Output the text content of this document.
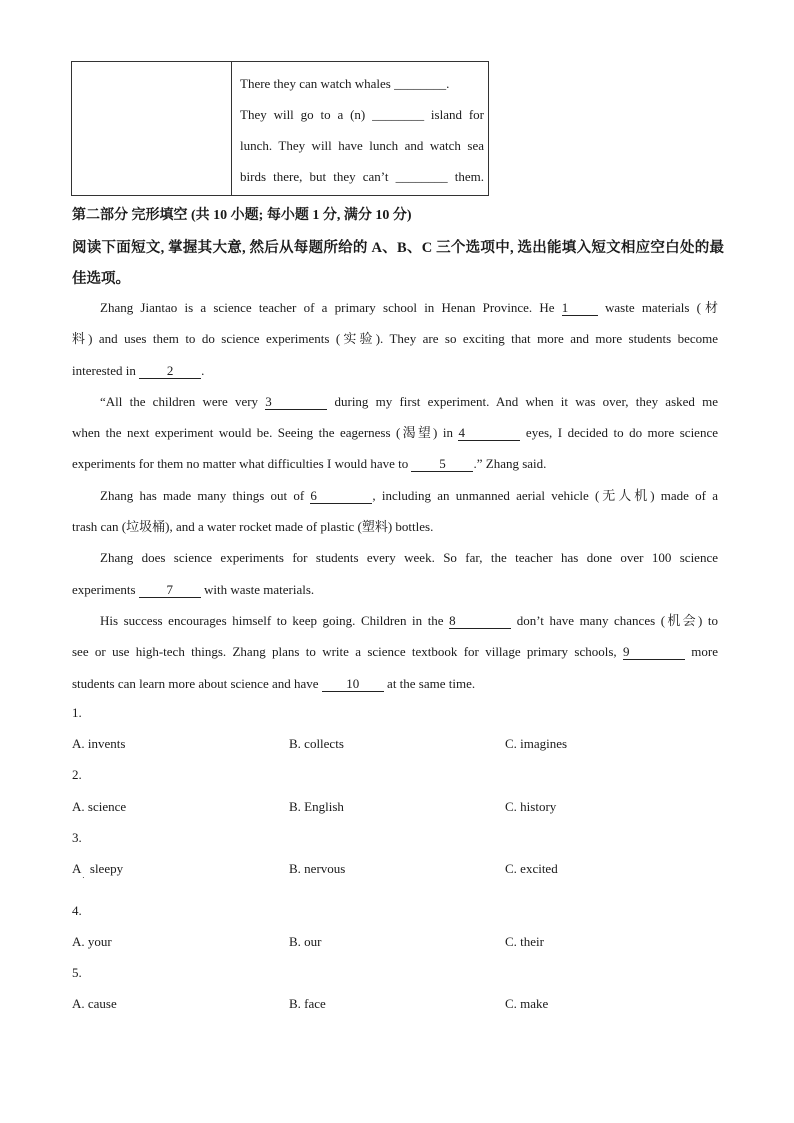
There they can watch whales ________.
They will go to a (n) ________ island for
lunch. They will have lunch and watch sea
birds there, but they can’t ________ them.
第二部分 完形填空 (共 10 小题; 每小题 1 分, 满分 10 分)
阅读下面短文, 掌握其大意, 然后从每题所给的 A、B、C 三个选项中, 选出能填入短文相应空白处的最佳选项。
Zhang Jiantao is a science teacher of a primary school in Henan Province. He 1 waste materials (材
料) and uses them to do science experiments (实验). They are so exciting that more and more students become
interested in 2 .
“All the children were very 3	during my first experiment. And when it was over, they asked me
when the next experiment would be. Seeing the eagerness (渴望) in 4	eyes, I decided to do more science
experiments for them no matter what difficulties I would have to 5 .” Zhang said.
Zhang has made many things out of 6	, including an unmanned aerial vehicle (无人机) made of a
trash can (垃圾桶), and a water rocket made of plastic (塑料) bottles.
Zhang does science experiments for students every week. So far, the teacher has done over 100 science
experiments 7 with waste materials.
His success encourages himself to keep going. Children in the 8	don’t have many chances (机会) to
see or use high-tech things. Zhang plans to write a science textbook for village primary schools, 9	more
students can learn more about science and have 10 at the same time.
1.
A. invents	B. collects	C. imagines
2.
A. science	B. English	C. history
3.
$A_.$ sleepy	B. nervous	C. excited
4.
A. your	B. our	C. their
5.
A. cause	B. face	C. make
